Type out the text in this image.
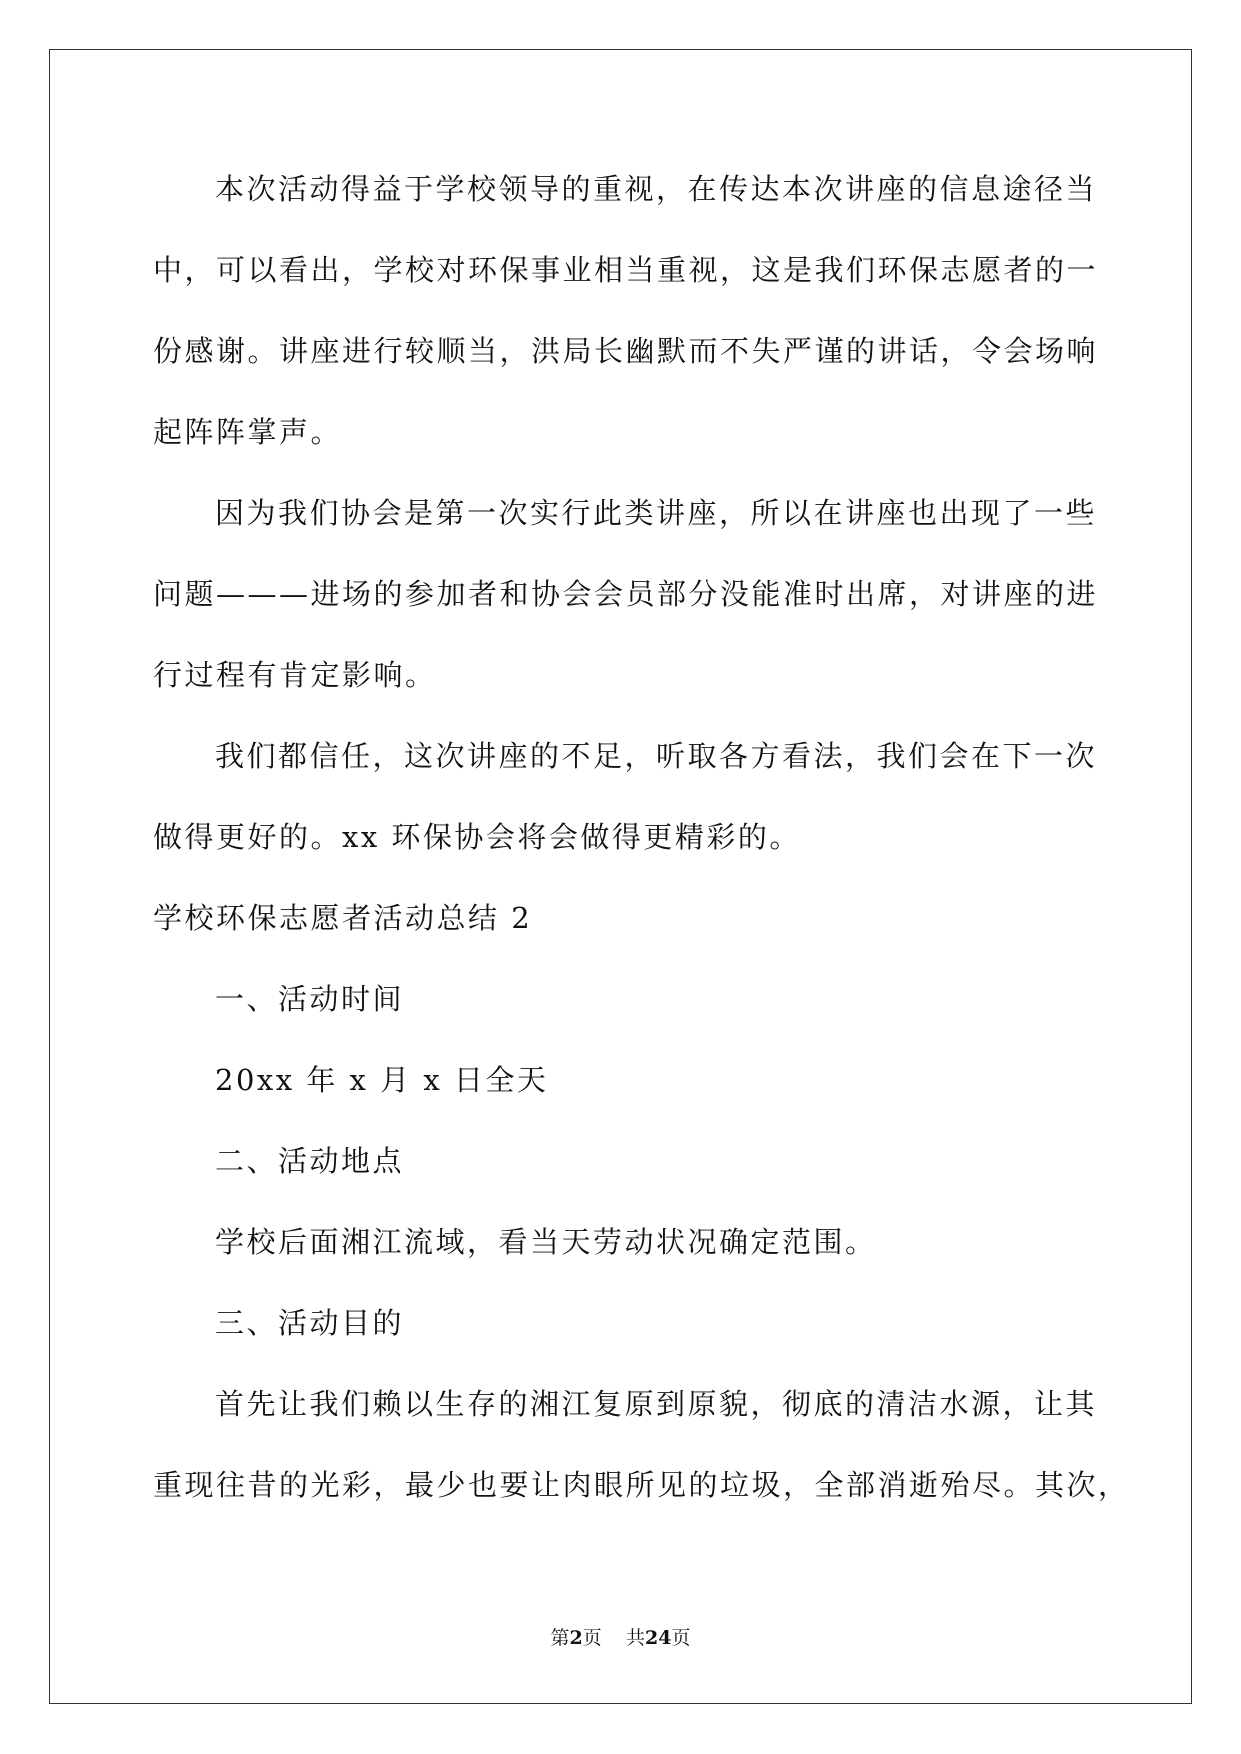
本次活动得益于学校领导的重视，在传达本次讲座的信息途径当
中，可以看出，学校对环保事业相当重视，这是我们环保志愿者的一
份感谢。讲座进行较顺当，洪局长幽默而不失严谨的讲话，令会场响
起阵阵掌声。
因为我们协会是第一次实行此类讲座，所以在讲座也出现了一些
问题———进场的参加者和协会会员部分没能准时出席，对讲座的进
行过程有肯定影响。
我们都信任，这次讲座的不足，听取各方看法，我们会在下一次
做得更好的。xx 环保协会将会做得更精彩的。
学校环保志愿者活动总结 2
一、活动时间
20xx 年 x 月 x 日全天
二、活动地点
学校后面湘江流域，看当天劳动状况确定范围。
三、活动目的
首先让我们赖以生存的湘江复原到原貌，彻底的清洁水源，让其
重现往昔的光彩，最少也要让肉眼所见的垃圾，全部消逝殆尽。其次，
第2页 共24页
